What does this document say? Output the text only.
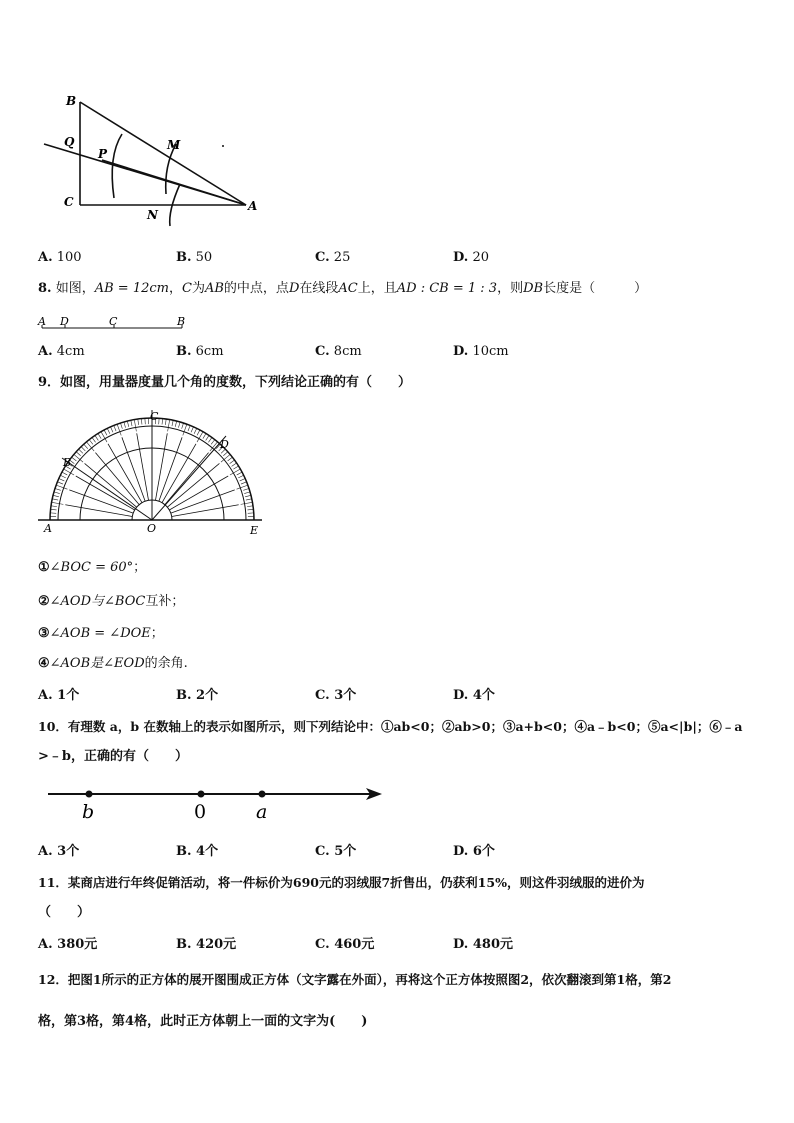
B
Q
P
M
C
N
A
A. 100	B. 50	C. 25	D. 20
8. 如图，AB = 12cm，C为AB的中点，点D在线段AC上，且AD : CB = 1 : 3，则DB长度是（　　　）
A D	C	B
A. 4cm	B. 6cm	C. 8cm	D. 10cm
9．如图，用量器度量几个角的度数，下列结论正确的有（　　）
C
D
B
A	O	E
①∠BOC = 60°；
②∠AOD与∠BOC互补；
③∠AOB = ∠DOE；
④∠AOB是∠EOD的余角.
A. 1个	B. 2个	C. 3个	D. 4个
10．有理数 a，b 在数轴上的表示如图所示，则下列结论中：①ab<0；②ab>0；③a+b<0；④a﹣b<0；⑤a<|b|；⑥﹣a
>﹣b，正确的有（　　）
b	0	a
A. 3个	B. 4个	C. 5个	D. 6个
11．某商店进行年终促销活动，将一件标价为690元的羽绒服7折售出，仍获利15%，则这件羽绒服的进价为
（　　）
A. 380元	B. 420元	C. 460元	D. 480元
12．把图1所示的正方体的展开图围成正方体（文字露在外面），再将这个正方体按照图2，依次翻滚到第1格，第2
格，第3格，第4格，此时正方体朝上一面的文字为(　　)
